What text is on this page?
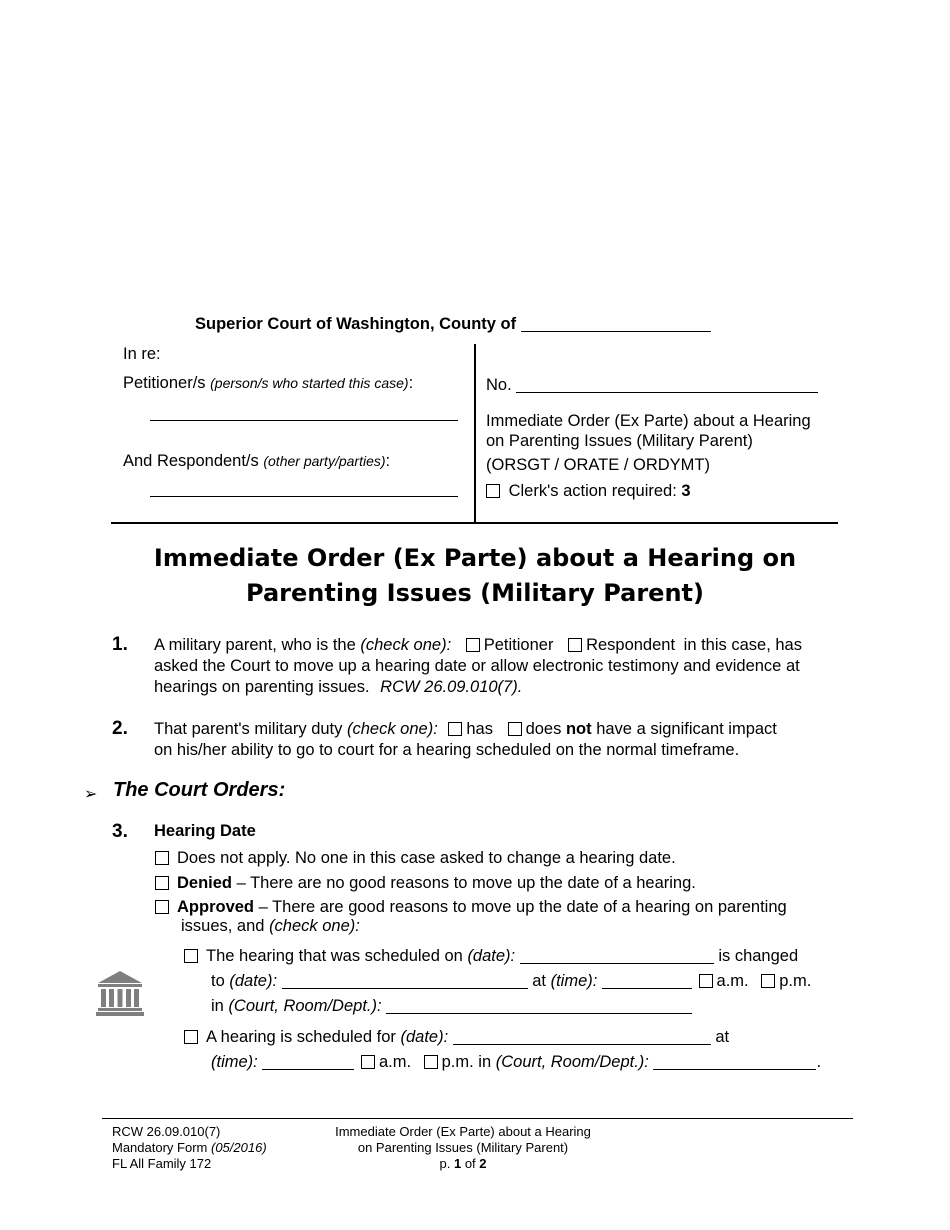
Superior Court of Washington, County of
In re:
Petitioner/s (person/s who started this case):
And Respondent/s (other party/parties):
No.
Immediate Order (Ex Parte) about a Hearing
on Parenting Issues (Military Parent)
(ORSGT / ORATE / ORDYMT)
Clerk's action required: 3
Immediate Order (Ex Parte) about a Hearing on
Parenting Issues (Military Parent)
1. A military parent, who is the (check one): Petitioner Respondent in this case, has
asked the Court to move up a hearing date or allow electronic testimony and evidence at
hearings on parenting issues. RCW 26.09.010(7).
2. That parent's military duty (check one): has does not have a significant impact
on his/her ability to go to court for a hearing scheduled on the normal timeframe.
➢ The Court Orders:
3. Hearing Date
Does not apply. No one in this case asked to change a hearing date.
Denied – There are no good reasons to move up the date of a hearing.
Approved – There are good reasons to move up the date of a hearing on parenting
issues, and (check one):
The hearing that was scheduled on (date):	is changed
to (date):	at (time):	a.m. p.m.
in (Court, Room/Dept.):
A hearing is scheduled for (date):	at
(time):	a.m. p.m. in (Court, Room/Dept.):	.
RCW 26.09.010(7)
Mandatory Form (05/2016)
FL All Family 172
Immediate Order (Ex Parte) about a Hearing
on Parenting Issues (Military Parent)
p. 1 of 2
